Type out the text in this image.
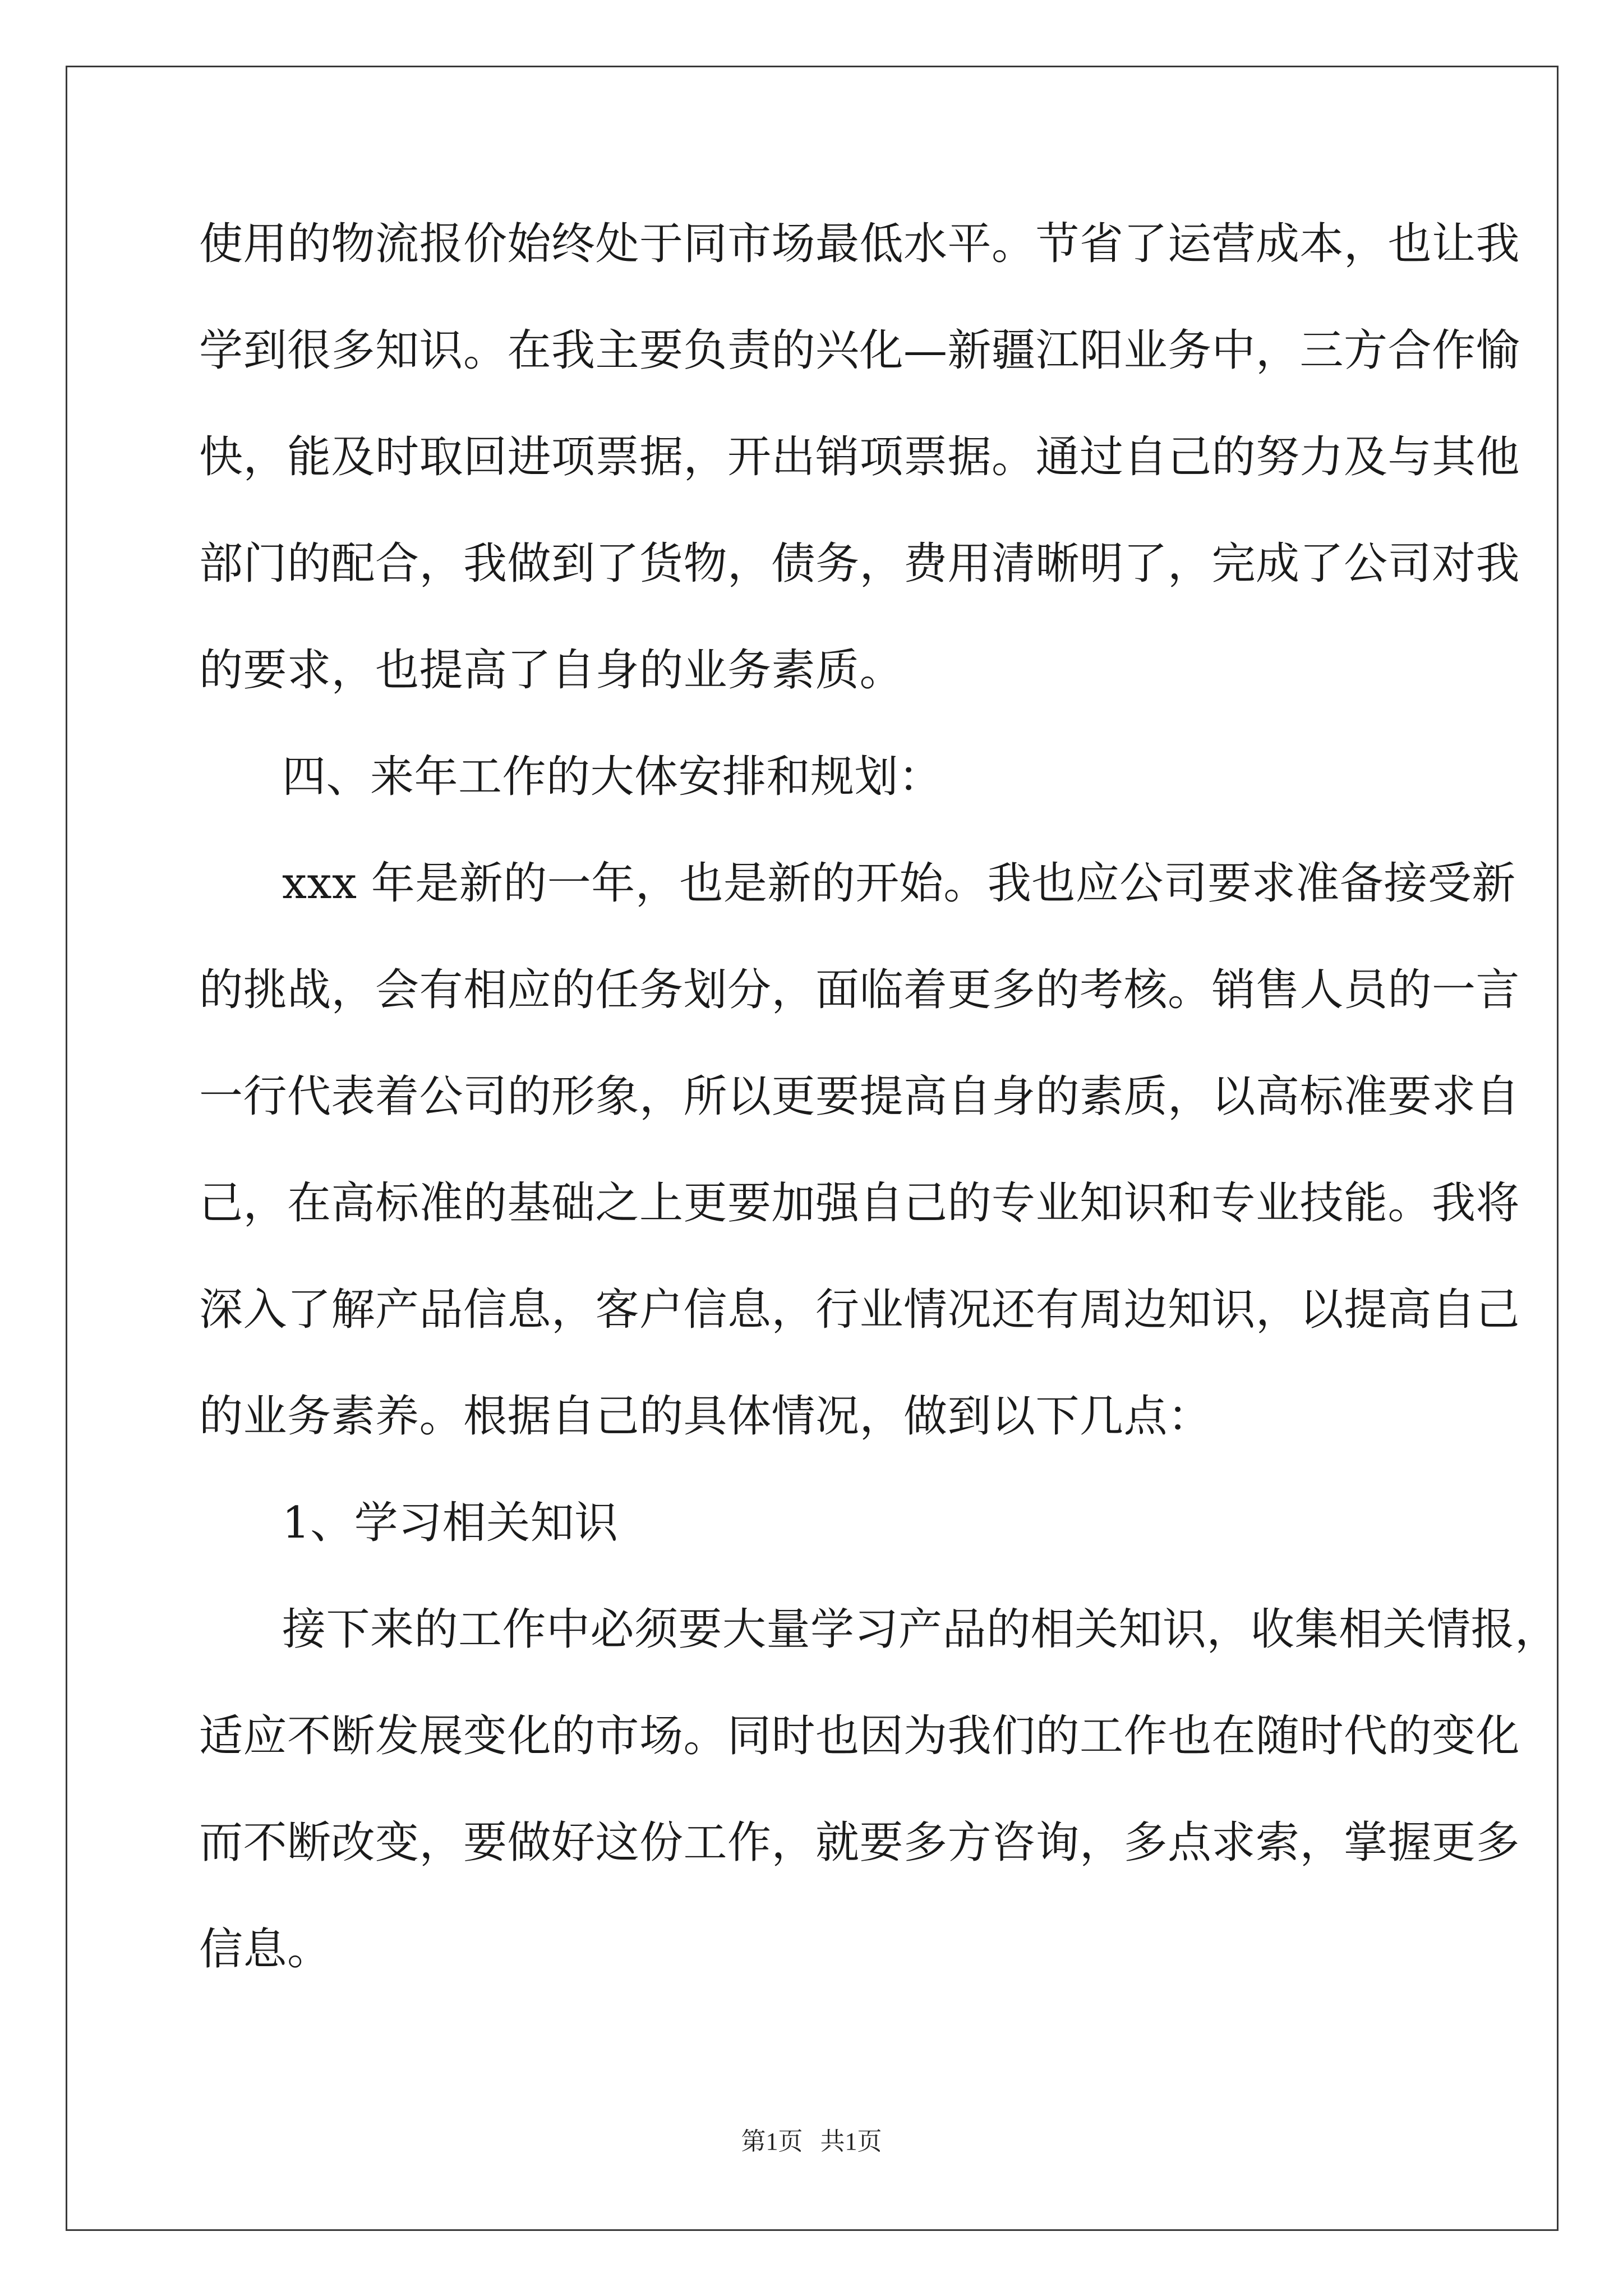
使用的物流报价始终处于同市场最低水平。节省了运营成本，也让我
学到很多知识。在我主要负责的兴化—新疆江阳业务中，三方合作愉
快，能及时取回进项票据，开出销项票据。通过自己的努力及与其他
部门的配合，我做到了货物，债务，费用清晰明了，完成了公司对我
的要求，也提高了自身的业务素质。
四、来年工作的大体安排和规划：
xxx 年是新的一年，也是新的开始。我也应公司要求准备接受新
的挑战，会有相应的任务划分，面临着更多的考核。销售人员的一言
一行代表着公司的形象，所以更要提高自身的素质，以高标准要求自
己，在高标准的基础之上更要加强自己的专业知识和专业技能。我将
深入了解产品信息，客户信息，行业情况还有周边知识，以提高自己
的业务素养。根据自己的具体情况，做到以下几点：
1、学习相关知识
接下来的工作中必须要大量学习产品的相关知识，收集相关情报，
适应不断发展变化的市场。同时也因为我们的工作也在随时代的变化
而不断改变，要做好这份工作，就要多方咨询，多点求索，掌握更多
信息。
第1页 共1页
